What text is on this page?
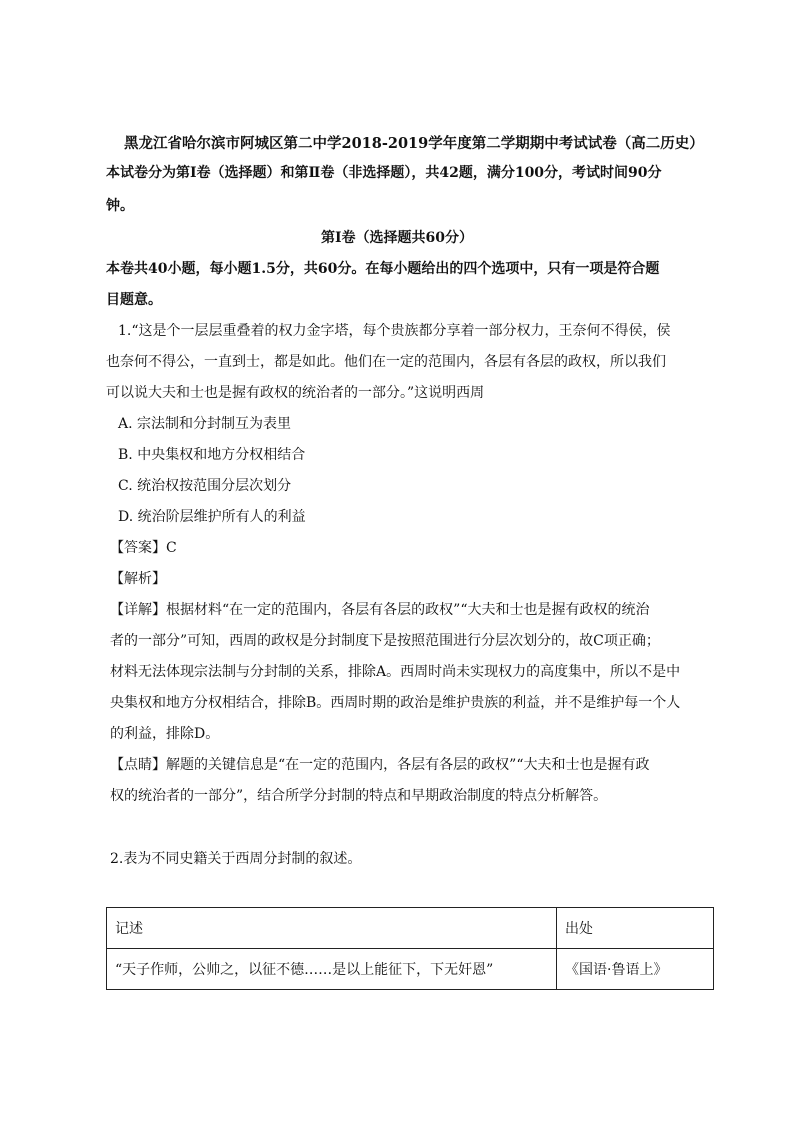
黑龙江省哈尔滨市阿城区第二中学2018-2019学年度第二学期期中考试试卷（高二历史）
本试卷分为第Ⅰ卷（选择题）和第Ⅱ卷（非选择题），共42题，满分100分，考试时间90分
钟。
第Ⅰ卷（选择题共60分）
本卷共40小题，每小题1.5分，共60分。在每小题给出的四个选项中，只有一项是符合题
目题意。
1.“这是个一层层重叠着的权力金字塔，每个贵族都分享着一部分权力，王奈何不得侯，侯
也奈何不得公，一直到士，都是如此。他们在一定的范围内，各层有各层的政权，所以我们
可以说大夫和士也是握有政权的统治者的一部分。”这说明西周
A. 宗法制和分封制互为表里
B. 中央集权和地方分权相结合
C. 统治权按范围分层次划分
D. 统治阶层维护所有人的利益
【答案】C
【解析】
【详解】根据材料“在一定的范围内，各层有各层的政权”“大夫和士也是握有政权的统治
者的一部分”可知，西周的政权是分封制度下是按照范围进行分层次划分的，故C项正确；
材料无法体现宗法制与分封制的关系，排除A。西周时尚未实现权力的高度集中，所以不是中
央集权和地方分权相结合，排除B。西周时期的政治是维护贵族的利益，并不是维护每一个人
的利益，排除D。
【点睛】解题的关键信息是“在一定的范围内，各层有各层的政权”“大夫和士也是握有政
权的统治者的一部分”，结合所学分封制的特点和早期政治制度的特点分析解答。
2.表为不同史籍关于西周分封制的叙述。
记述	出处
“天子作师，公帅之，以征不德……是以上能征下，下无奸恩”	《国语·鲁语上》
